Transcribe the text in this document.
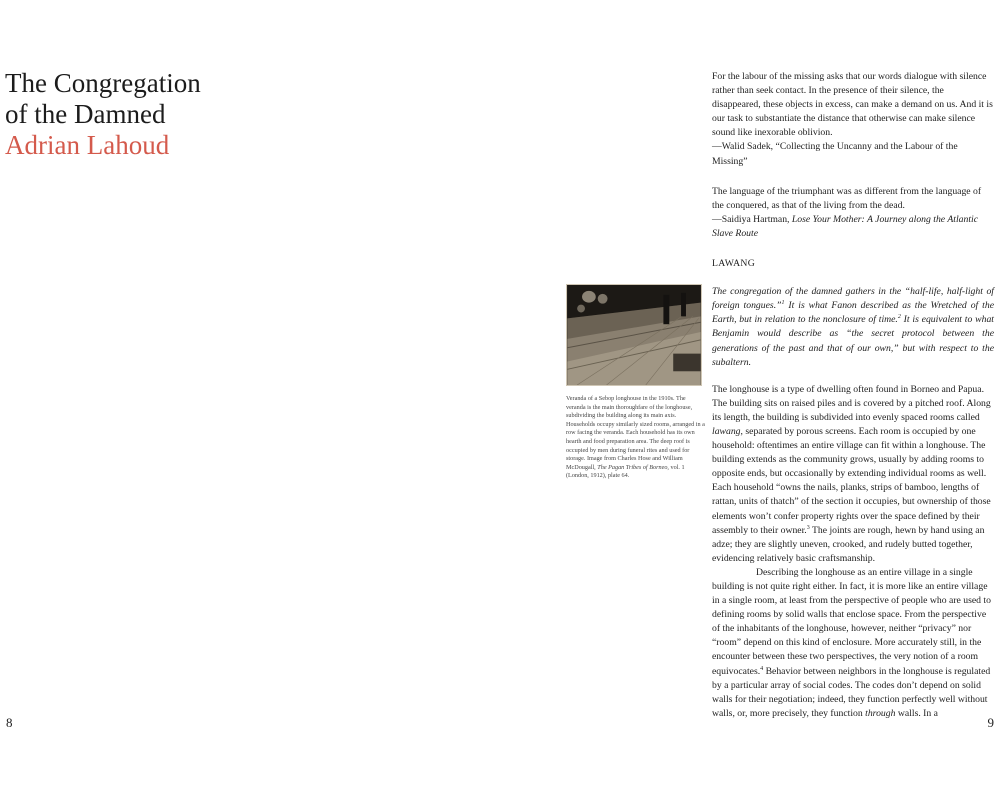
The Congregation
of the Damned
Adrian Lahoud
8	9
Veranda of a Sebop longhouse in the 1910s. The veranda is the main thoroughfare of the longhouse, subdividing the building along its main axis. Households occupy similarly sized rooms, arranged in a row facing the veranda. Each household has its own hearth and food preparation area. The deep roof is occupied by men during funeral rites and used for storage. Image from Charles Hose and William McDougall, The Pagan Tribes of Borneo, vol. 1 (London, 1912), plate 64.

For the labour of the missing asks that our words dialogue with silence rather than seek contact. In the presence of their silence, the disappeared, these objects in excess, can make a demand on us. And it is our task to substantiate the distance that otherwise can make silence sound like inexorable oblivion.

—Walid Sadek, “Collecting the Uncanny and the Labour of the Missing”

The language of the triumphant was as different from the language of the conquered, as that of the living from the dead.

—Saidiya Hartman, Lose Your Mother: A Journey along the Atlantic Slave Route
LAWANG

The congregation of the damned gathers in the “half-life, half-light of foreign tongues.”$^1$ It is what Fanon described as the Wretched of the Earth, but in relation to the nonclosure of time.$^2$ It is equivalent to what Benjamin would describe as “the secret protocol between the generations of the past and that of our own,” but with respect to the subaltern.

The longhouse is a type of dwelling often found in Borneo and Papua. The building sits on raised piles and is covered by a pitched roof. Along its length, the building is subdivided into evenly spaced rooms called lawang, separated by porous screens. Each room is occupied by one household: oftentimes an entire village can fit within a longhouse. The building extends as the community grows, usually by adding rooms to opposite ends, but occasionally by extending individual rooms as well. Each household “owns the nails, planks, strips of bamboo, lengths of rattan, units of thatch” of the section it occupies, but ownership of those elements won’t confer property rights over the space defined by their assembly to their owner.$^3$ The joints are rough, hewn by hand using an adze; they are slightly uneven, crooked, and rudely butted together, evidencing relatively basic craftsmanship.

Describing the longhouse as an entire village in a single building is not quite right either. In fact, it is more like an entire village in a single room, at least from the perspective of people who are used to defining rooms by solid walls that enclose space. From the perspective of the inhabitants of the longhouse, however, neither “privacy” nor “room” depend on this kind of enclosure. More accurately still, in the encounter between these two perspectives, the very notion of a room equivocates.$^4$ Behavior between neighbors in the longhouse is regulated by a particular array of social codes. The codes don’t depend on solid walls for their negotiation; indeed, they function perfectly well without walls, or, more precisely, they function through walls. In a
